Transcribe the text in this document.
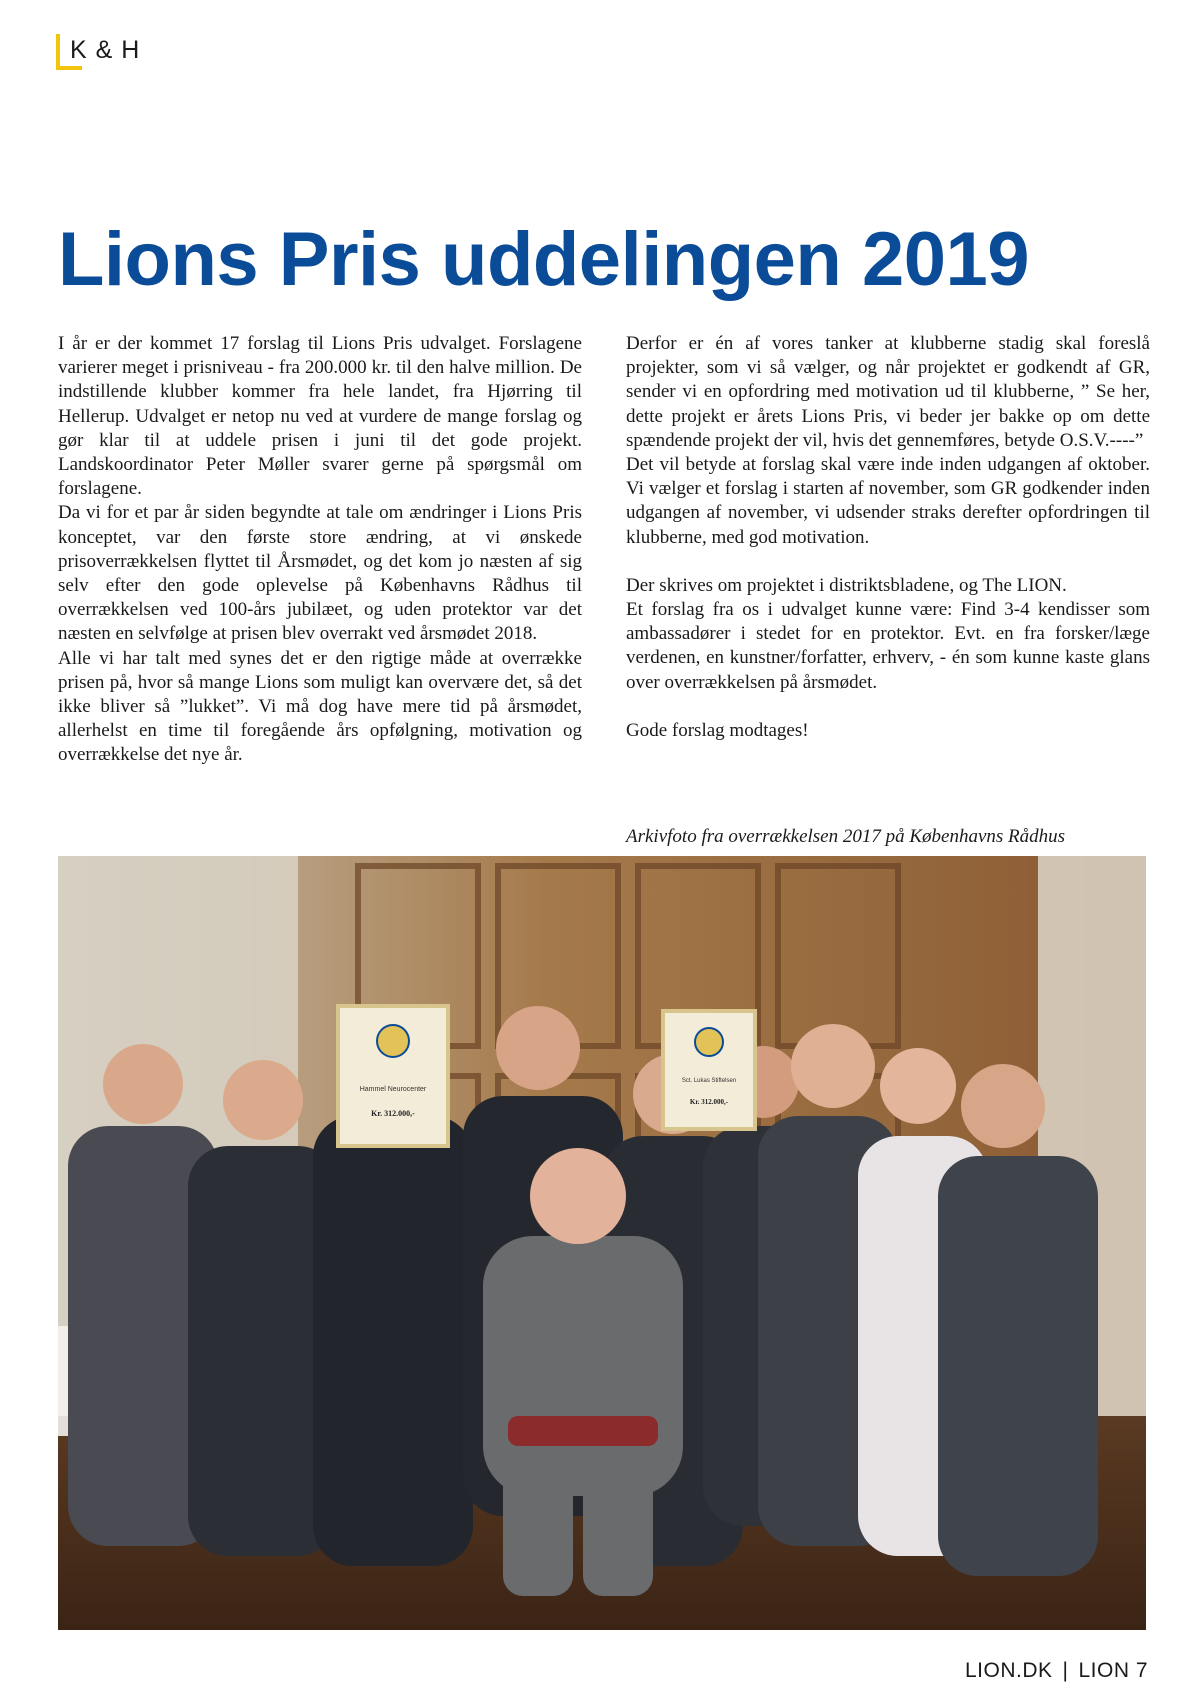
K & H
Lions Pris uddelingen 2019

I år er der kommet 17 forslag til Lions Pris udvalget. Forslagene varierer meget i prisniveau - fra 200.000 kr. til den halve million. De indstillende klubber kommer fra hele landet, fra Hjørring til Hellerup. Udvalget er netop nu ved at vurdere de mange forslag og gør klar til at uddele prisen i juni til det gode projekt. Landskoordinator Peter Møller svarer gerne på spørgsmål om forslagene.

Da vi for et par år siden begyndte at tale om ændringer i Lions Pris konceptet, var den første store ændring, at vi ønskede prisoverrækkelsen flyttet til Årsmødet, og det kom jo næsten af sig selv efter den gode oplevelse på Københavns Rådhus til overrækkelsen ved 100-års jubilæet, og uden protektor var det næsten en selvfølge at prisen blev overrakt ved årsmødet 2018.

Alle vi har talt med synes det er den rigtige måde at overrække prisen på, hvor så mange Lions som muligt kan overvære det, så det ikke bliver så ”lukket”. Vi må dog have mere tid på årsmødet, allerhelst en time til foregående års opfølgning, motivation og overrækkelse det nye år.

Derfor er én af vores tanker at klubberne stadig skal foreslå projekter, som vi så vælger, og når projektet er godkendt af GR, sender vi en opfordring med motivation ud til klubberne, ” Se her, dette projekt er årets Lions Pris, vi beder jer bakke op om dette spændende projekt der vil, hvis det gennemføres, betyde O.S.V.----”

Det vil betyde at forslag skal være inde inden udgangen af oktober. Vi vælger et forslag i starten af november, som GR godkender inden udgangen af november, vi udsender straks derefter opfordringen til klubberne, med god motivation.

Der skrives om projektet i distriktsbladene, og The LION.

Et forslag fra os i udvalget kunne være: Find 3-4 kendisser som ambassadører i stedet for en protektor. Evt. en fra forsker/læge verdenen, en kunstner/forfatter, erhverv, - én som kunne kaste glans over overrækkelsen på årsmødet.

Gode forslag modtages!

Arkivfoto fra overrækkelsen 2017 på Københavns Rådhus
Hammel Neurocenter
Kr. 312.000,-
Sct. Lukas Stiftelsen
Kr. 312.000,-
LION.DK | LION 7
